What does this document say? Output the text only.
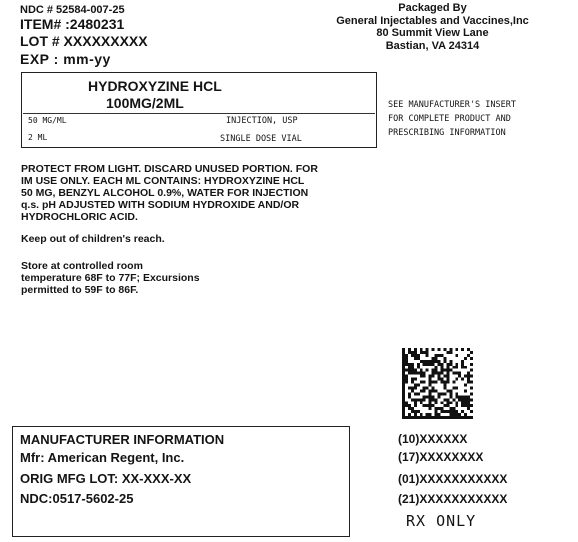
NDC # 52584-007-25
ITEM# :2480231
LOT # XXXXXXXXX
EXP : mm-yy
Packaged By
General Injectables and Vaccines,Inc
80 Summit View Lane
Bastian, VA 24314
HYDROXYZINE HCL
100MG/2ML
50 MG/ML	INJECTION, USP
2 ML	SINGLE DOSE VIAL
SEE MANUFACTURER'S INSERT
FOR COMPLETE PRODUCT AND
PRESCRIBING INFORMATION
PROTECT FROM LIGHT. DISCARD UNUSED PORTION. FOR
IM USE ONLY. EACH ML CONTAINS: HYDROXYZINE HCL
50 MG, BENZYL ALCOHOL 0.9%, WATER FOR INJECTION
q.s. pH ADJUSTED WITH SODIUM HYDROXIDE AND/OR
HYDROCHLORIC ACID.
Keep out of children's reach.
Store at controlled room
temperature 68F to 77F; Excursions
permitted to 59F to 86F.
MANUFACTURER INFORMATION
Mfr: American Regent, Inc.
ORIG MFG LOT: XX-XXX-XX
NDC:0517-5602-25
(10)XXXXXX
(17)XXXXXXXX
(01)XXXXXXXXXXX
(21)XXXXXXXXXXX
RX ONLY
